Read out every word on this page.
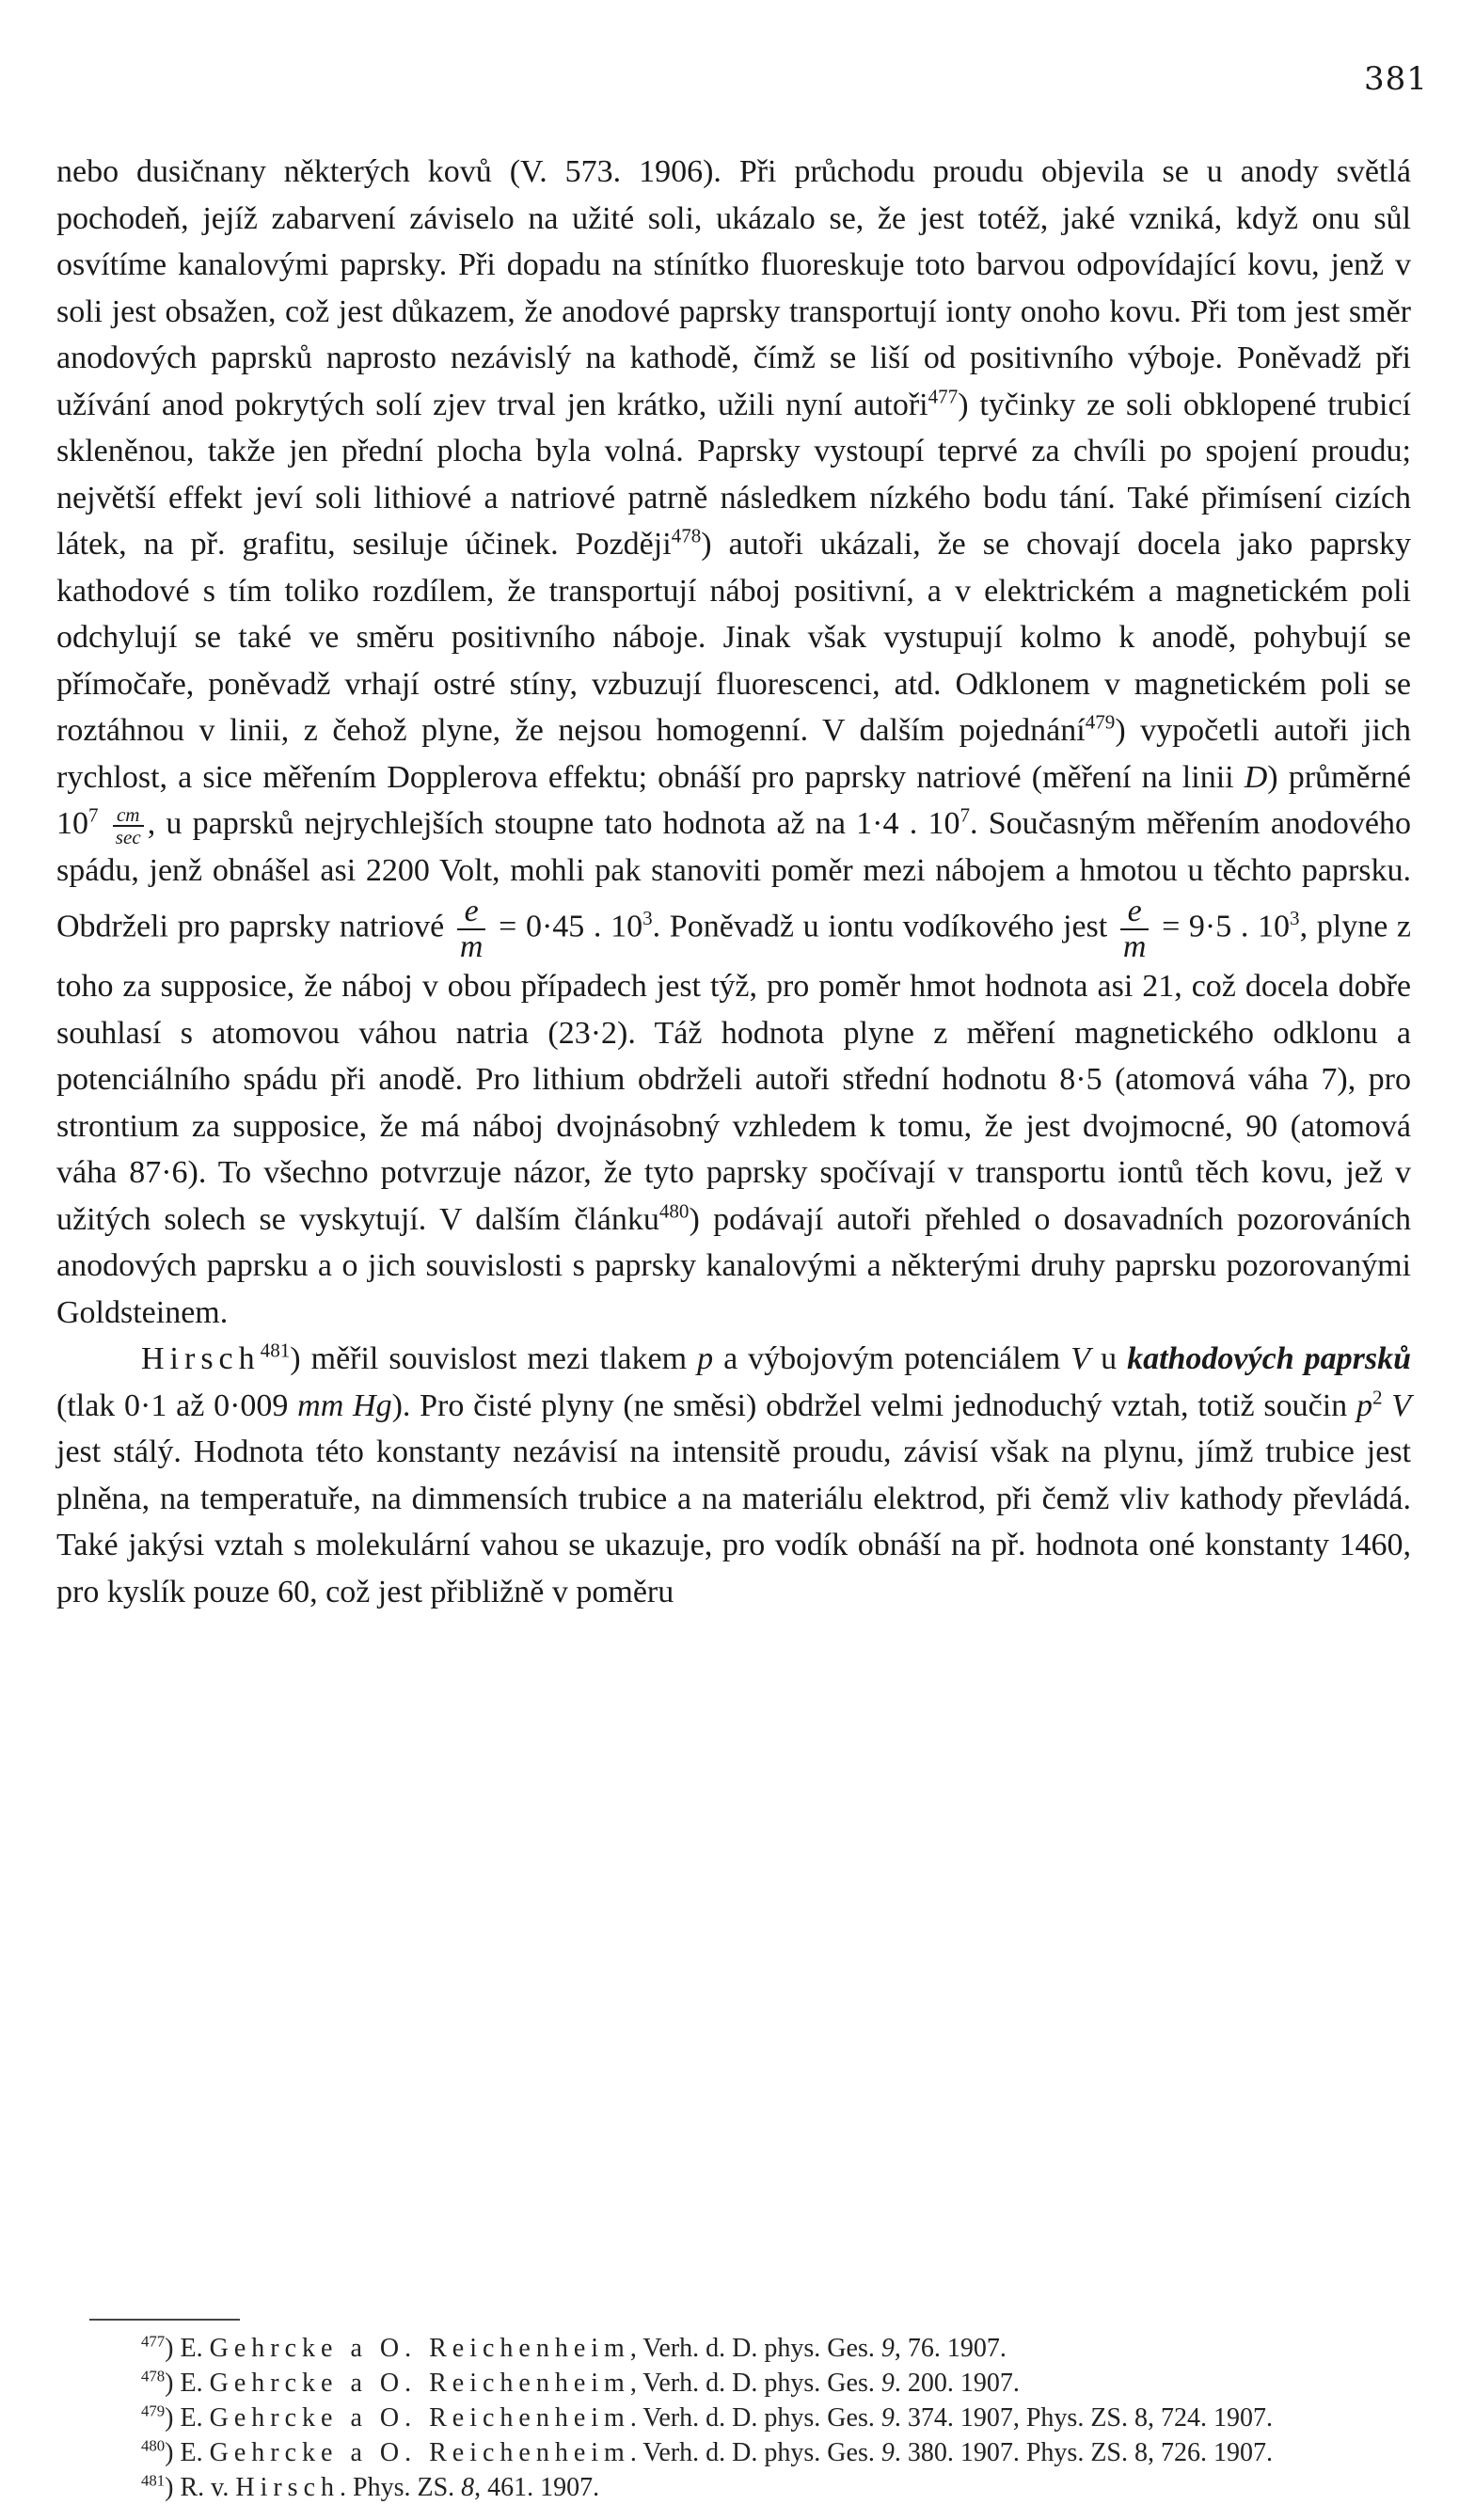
381

nebo dusičnany některých kovů (V. 573. 1906). Při průchodu proudu objevila se u anody světlá pochodeň, jejíž zabarvení záviselo na užité soli, ukázalo se, že jest totéž, jaké vzniká, když onu sůl osvítíme kanalovými paprsky. Při dopadu na stínítko fluoreskuje toto barvou odpovídající kovu, jenž v soli jest obsažen, což jest důkazem, že anodové paprsky transportují ionty onoho kovu. Při tom jest směr anodových paprsků naprosto nezávislý na kathodě, čímž se liší od positivního výboje. Poněvadž při užívání anod pokrytých solí zjev trval jen krátko, užili nyní autoři$^{477}$) tyčinky ze soli obklopené trubicí skleněnou, takže jen přední plocha byla volná. Paprsky vystoupí teprvé za chvíli po spojení proudu; největší effekt jeví soli lithiové a natriové patrně následkem nízkého bodu tání. Také přimísení cizích látek, na př. grafitu, sesiluje účinek. Později$^{478}$) autoři ukázali, že se chovají docela jako paprsky kathodové s tím toliko rozdílem, že transportují náboj positivní, a v elektrickém a magnetickém poli odchylují se také ve směru positivního náboje. Jinak však vystupují kolmo k anodě, pohybují se přímočaře, poněvadž vrhají ostré stíny, vzbuzují fluorescenci, atd. Odklonem v magnetickém poli se roztáhnou v linii, z čehož plyne, že nejsou homogenní. V dalším pojednání$^{479}$) vypočetli autoři jich rychlost, a sice měřením Dopplerova effektu; obnáší pro paprsky natriové (měření na linii D) průměrné $10^7 \frac{cm}{\sec}$ , u paprsků nejrychlejších stoupne tato hodnota až na 1·4 . $10^7$. Současným měřením anodového spádu, jenž obnášel asi 2200 Volt, mohli pak stanoviti poměr mezi nábojem a hmotou u těchto paprsku. Obdrželi pro paprsky natriové $\frac{e}{m} = 0\cdot 45$ . $10^3$. Poněvadž u iontu vodíkového jest $\frac{e}{m} = 9\cdot 5$ . $10^3$, plyne z toho za supposice, že náboj v obou případech jest týž, pro poměr hmot hodnota asi 21, což docela dobře souhlasí s atomovou váhou natria (23·2). Táž hodnota plyne z měření magnetického odklonu a potenciálního spádu při anodě. Pro lithium obdrželi autoři střední hodnotu 8·5 (atomová váha 7), pro strontium za supposice, že má náboj dvojnásobný vzhledem k tomu, že jest dvojmocné, 90 (atomová váha 87·6). To všechno potvrzuje názor, že tyto paprsky spočívají v transportu iontů těch kovu, jež v užitých solech se vyskytují. V dalším článku$^{480}$) podávají autoři přehled o dosavadních pozorováních anodových paprsku a o jich souvislosti s paprsky kanalovými a některými druhy paprsku pozorovanými Goldsteinem.

Hirsch$^{481}$) měřil souvislost mezi tlakem p a výbojovým potenciálem V u kathodových paprsků (tlak 0·1 až 0·009 mm Hg). Pro čisté plyny (ne směsi) obdržel velmi jednoduchý vztah, totiž součin $p^2$ V jest stálý. Hodnota této konstanty nezávisí na intensitě proudu, závisí však na plynu, jímž trubice jest plněna, na temperatuře, na dimmensích trubice a na materiálu elektrod, při čemž vliv kathody převládá. Také jakýsi vztah s molekulární vahou se ukazuje, pro vodík obnáší na př. hodnota oné konstanty 1460, pro kyslík pouze 60, což jest přibližně v poměru

$^{477}$) E. Gehrcke a O. Reichenheim, Verh. d. D. phys. Ges. 9, 76. 1907.

$^{478}$) E. Gehrcke a O. Reichenheim, Verh. d. D. phys. Ges. 9. 200. 1907.

$^{479}$) E. Gehrcke a O. Reichenheim. Verh. d. D. phys. Ges. 9. 374. 1907, Phys. ZS. 8, 724. 1907.

$^{480}$) E. Gehrcke a O. Reichenheim. Verh. d. D. phys. Ges. 9. 380. 1907. Phys. ZS. 8, 726. 1907.

$^{481}$) R. v. Hirsch. Phys. ZS. 8, 461. 1907.
